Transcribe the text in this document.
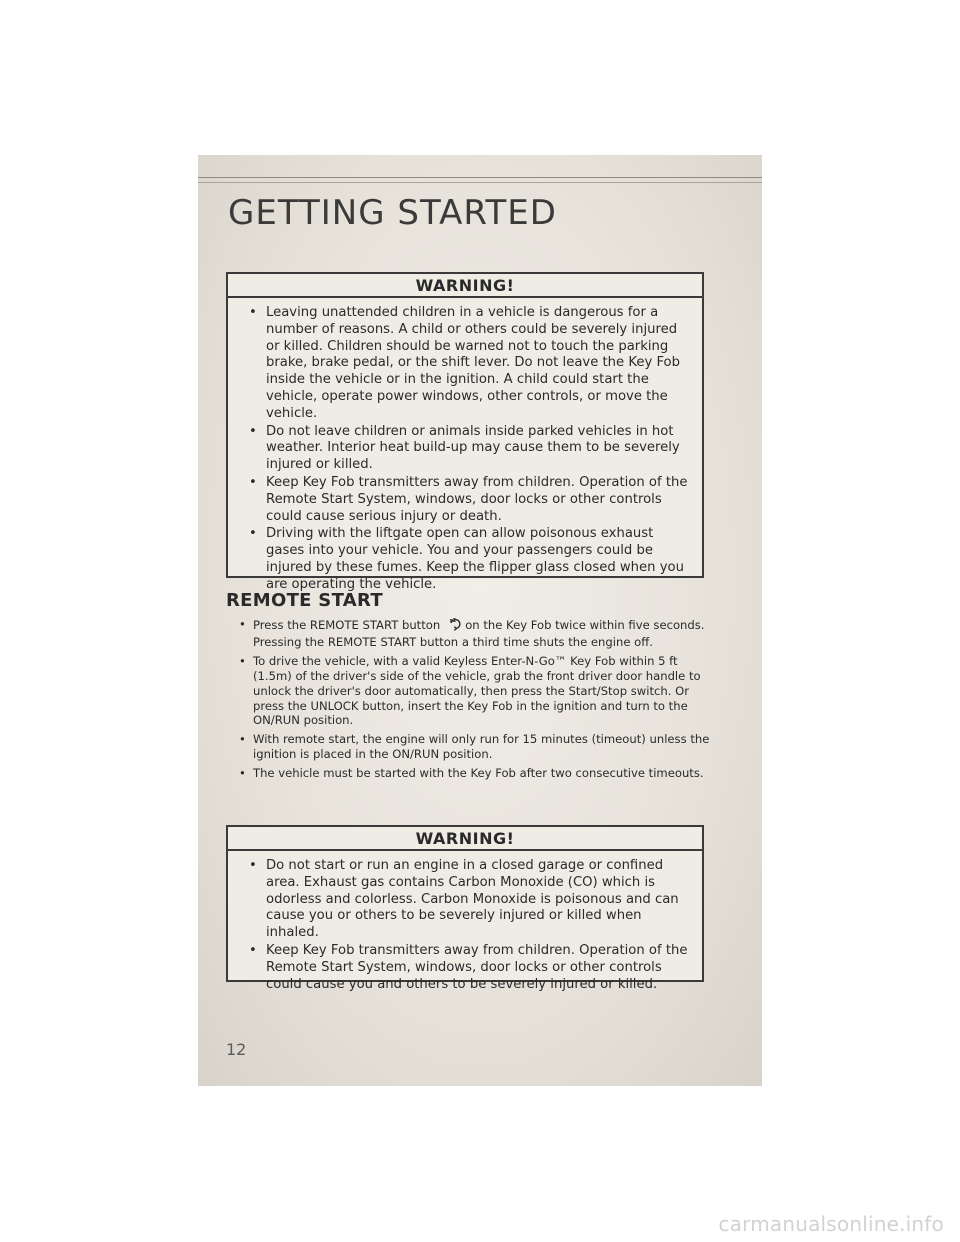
GETTING STARTED
WARNING!
• Leaving unattended children in a vehicle is dangerous for a number of reasons. A child or others could be severely injured or killed. Children should be warned not to touch the parking brake, brake pedal, or the shift lever. Do not leave the Key Fob inside the vehicle or in the ignition. A child could start the vehicle, operate power windows, other controls, or move the vehicle.
• Do not leave children or animals inside parked vehicles in hot weather. Interior heat build-up may cause them to be severely injured or killed.
• Keep Key Fob transmitters away from children. Operation of the Remote Start System, windows, door locks or other controls could cause serious injury or death.
• Driving with the liftgate open can allow poisonous exhaust gases into your vehicle. You and your passengers could be injured by these fumes. Keep the flipper glass closed when you are operating the vehicle.
REMOTE START
• Press the REMOTE START button x2 on the Key Fob twice within five seconds. Pressing the REMOTE START button a third time shuts the engine off.
• To drive the vehicle, with a valid Keyless Enter-N-Go™ Key Fob within 5 ft (1.5m) of the driver's side of the vehicle, grab the front driver door handle to unlock the driver's door automatically, then press the Start/Stop switch. Or press the UNLOCK button, insert the Key Fob in the ignition and turn to the ON/RUN position.
• With remote start, the engine will only run for 15 minutes (timeout) unless the ignition is placed in the ON/RUN position.
• The vehicle must be started with the Key Fob after two consecutive timeouts.
WARNING!
• Do not start or run an engine in a closed garage or confined area. Exhaust gas contains Carbon Monoxide (CO) which is odorless and colorless. Carbon Monoxide is poisonous and can cause you or others to be severely injured or killed when inhaled.
• Keep Key Fob transmitters away from children. Operation of the Remote Start System, windows, door locks or other controls could cause you and others to be severely injured or killed.
12
carmanualsonline.info
